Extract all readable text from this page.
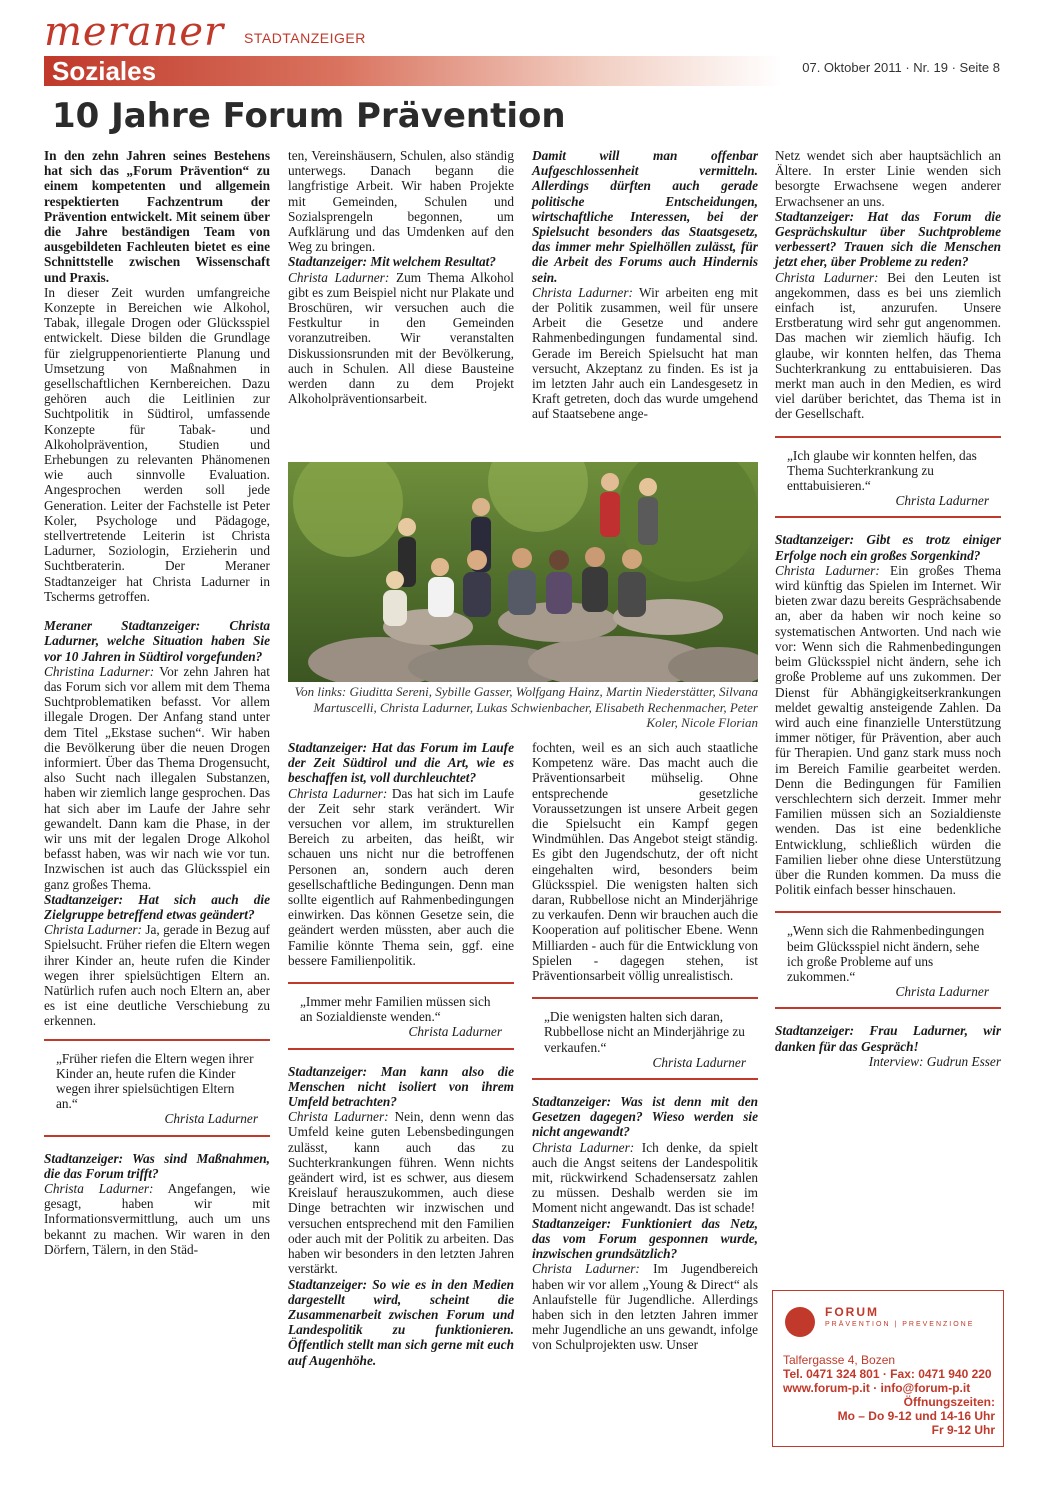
meraner STADTANZEIGER
Soziales	07. Oktober 2011 · Nr. 19 · Seite 8
10 Jahre Forum Prävention

In den zehn Jahren seines Bestehens hat sich das „Forum Prävention“ zu einem kompetenten und allgemein respektierten Fachzentrum der Prävention entwickelt. Mit seinem über die Jahre beständigen Team von ausgebildeten Fachleuten bietet es eine Schnittstelle zwischen Wissenschaft und Praxis.

In dieser Zeit wurden umfangreiche Konzepte in Bereichen wie Alkohol, Tabak, illegale Drogen oder Glücksspiel entwickelt. Diese bilden die Grundlage für zielgruppenorientierte Planung und Umsetzung von Maßnahmen in gesellschaftlichen Kernbereichen. Dazu gehören auch die Leitlinien zur Suchtpolitik in Südtirol, umfassende Konzepte für Tabak- und Alkoholprävention, Studien und Erhebungen zu relevanten Phänomenen wie auch sinnvolle Evaluation. Angesprochen werden soll jede Generation. Leiter der Fachstelle ist Peter Koler, Psychologe und Pädagoge, stellvertretende Leiterin ist Christa Ladurner, Soziologin, Erzieherin und Suchtberaterin. Der Meraner Stadtanzeiger hat Christa Ladurner in Tscherms getroffen.

Meraner Stadtanzeiger: Christa Ladurner, welche Situation haben Sie vor 10 Jahren in Südtirol vorgefunden?

Christina Ladurner: Vor zehn Jahren hat das Forum sich vor allem mit dem Thema Suchtproblematiken befasst. Vor allem illegale Drogen. Der Anfang stand unter dem Titel „Ekstase suchen“. Wir haben die Bevölkerung über die neuen Drogen informiert. Über das Thema Drogensucht, also Sucht nach illegalen Substanzen, haben wir ziemlich lange gesprochen. Das hat sich aber im Laufe der Jahre sehr gewandelt. Dann kam die Phase, in der wir uns mit der legalen Droge Alkohol befasst haben, was wir nach wie vor tun. Inzwischen ist auch das Glücksspiel ein ganz großes Thema.

Stadtanzeiger: Hat sich auch die Zielgruppe betreffend etwas geändert?

Christa Ladurner: Ja, gerade in Bezug auf Spielsucht. Früher riefen die Eltern wegen ihrer Kinder an, heute rufen die Kinder wegen ihrer spielsüchtigen Eltern an. Natürlich rufen auch noch Eltern an, aber es ist eine deutliche Verschiebung zu erkennen.

„Früher riefen die Eltern wegen ihrer Kinder an, heute rufen die Kinder wegen ihrer spielsüchtigen Eltern an.“
Christa Ladurner

Stadtanzeiger: Was sind Maßnahmen, die das Forum trifft?

Christa Ladurner: Angefangen, wie gesagt, haben wir mit Informationsvermittlung, auch um uns bekannt zu machen. Wir waren in den Dörfern, Tälern, in den Städ-

ten, Vereinshäusern, Schulen, also ständig unterwegs. Danach begann die langfristige Arbeit. Wir haben Projekte mit Gemeinden, Schulen und Sozialsprengeln begonnen, um Aufklärung und das Umdenken auf den Weg zu bringen.

Stadtanzeiger: Mit welchem Resultat?

Christa Ladurner: Zum Thema Alkohol gibt es zum Beispiel nicht nur Plakate und Broschüren, wir versuchen auch die Festkultur in den Gemeinden voranzutreiben. Wir veranstalten Diskussionsrunden mit der Bevölkerung, auch in Schulen. All diese Bausteine werden dann zu dem Projekt Alkoholpräventionsarbeit.

Damit will man offenbar Aufgeschlossenheit vermitteln. Allerdings dürften auch gerade politische Entscheidungen, wirtschaftliche Interessen, bei der Spielsucht besonders das Staatsgesetz, das immer mehr Spielhöllen zulässt, für die Arbeit des Forums auch Hindernis sein.

Christa Ladurner: Wir arbeiten eng mit der Politik zusammen, weil für unsere Arbeit die Gesetze und andere Rahmenbedingungen fundamental sind. Gerade im Bereich Spielsucht hat man versucht, Akzeptanz zu finden. Es ist ja im letzten Jahr auch ein Landesgesetz in Kraft getreten, doch das wurde umgehend auf Staatsebene ange-

Von links: Giuditta Sereni, Sybille Gasser, Wolfgang Hainz, Martin Niederstätter, Silvana Martuscelli, Christa Ladurner, Lukas Schwienbacher, Elisabeth Rechenmacher, Peter Koler, Nicole Florian

Stadtanzeiger: Hat das Forum im Laufe der Zeit Südtirol und die Art, wie es beschaffen ist, voll durchleuchtet?

Christa Ladurner: Das hat sich im Laufe der Zeit sehr stark verändert. Wir versuchen vor allem, im strukturellen Bereich zu arbeiten, das heißt, wir schauen uns nicht nur die betroffenen Personen an, sondern auch deren gesellschaftliche Bedingungen. Denn man sollte eigentlich auf Rahmenbedingungen einwirken. Das können Gesetze sein, die geändert werden müssten, aber auch die Familie könnte Thema sein, ggf. eine bessere Familienpolitik.

„Immer mehr Familien müssen sich an Sozialdienste wenden.“
Christa Ladurner

Stadtanzeiger: Man kann also die Menschen nicht isoliert von ihrem Umfeld betrachten?

Christa Ladurner: Nein, denn wenn das Umfeld keine guten Lebensbedingungen zulässt, kann auch das zu Suchterkrankungen führen. Wenn nichts geändert wird, ist es schwer, aus diesem Kreislauf herauszukommen, auch diese Dinge betrachten wir inzwischen und versuchen entsprechend mit den Familien oder auch mit der Politik zu arbeiten. Das haben wir besonders in den letzten Jahren verstärkt.

Stadtanzeiger: So wie es in den Medien dargestellt wird, scheint die Zusammenarbeit zwischen Forum und Landespolitik zu funktionieren. Öffentlich stellt man sich gerne mit euch auf Augenhöhe.

fochten, weil es an sich auch staatliche Kompetenz wäre. Das macht auch die Präventionsarbeit mühselig. Ohne entsprechende gesetzliche Voraussetzungen ist unsere Arbeit gegen die Spielsucht ein Kampf gegen Windmühlen. Das Angebot steigt ständig. Es gibt den Jugendschutz, der oft nicht eingehalten wird, besonders beim Glücksspiel. Die wenigsten halten sich daran, Rubbellose nicht an Minderjährige zu verkaufen. Denn wir brauchen auch die Kooperation auf politischer Ebene. Wenn Milliarden - auch für die Entwicklung von Spielen - dagegen stehen, ist Präventionsarbeit völlig unrealistisch.

„Die wenigsten halten sich daran, Rubbellose nicht an Minderjährige zu verkaufen.“
Christa Ladurner

Stadtanzeiger: Was ist denn mit den Gesetzen dagegen? Wieso werden sie nicht angewandt?

Christa Ladurner: Ich denke, da spielt auch die Angst seitens der Landespolitik mit, rückwirkend Schadensersatz zahlen zu müssen. Deshalb werden sie im Moment nicht angewandt. Das ist schade!

Stadtanzeiger: Funktioniert das Netz, das vom Forum gesponnen wurde, inzwischen grundsätzlich?

Christa Ladurner: Im Jugendbereich haben wir vor allem „Young & Direct“ als Anlaufstelle für Jugendliche. Allerdings haben sich in den letzten Jahren immer mehr Jugendliche an uns gewandt, infolge von Schulprojekten usw. Unser

Netz wendet sich aber hauptsächlich an Ältere. In erster Linie wenden sich besorgte Erwachsene wegen anderer Erwachsener an uns.

Stadtanzeiger: Hat das Forum die Gesprächskultur über Suchtprobleme verbessert? Trauen sich die Menschen jetzt eher, über Probleme zu reden?

Christa Ladurner: Bei den Leuten ist angekommen, dass es bei uns ziemlich einfach ist, anzurufen. Unsere Erstberatung wird sehr gut angenommen. Das machen wir ziemlich häufig. Ich glaube, wir konnten helfen, das Thema Suchterkrankung zu enttabuisieren. Das merkt man auch in den Medien, es wird viel darüber berichtet, das Thema ist in der Gesellschaft.

„Ich glaube wir konnten helfen, das Thema Suchterkrankung zu enttabuisieren.“
Christa Ladurner

Stadtanzeiger: Gibt es trotz einiger Erfolge noch ein großes Sorgenkind?

Christa Ladurner: Ein großes Thema wird künftig das Spielen im Internet. Wir bieten zwar dazu bereits Gesprächsabende an, aber da haben wir noch keine so systematischen Antworten. Und nach wie vor: Wenn sich die Rahmenbedingungen beim Glücksspiel nicht ändern, sehe ich große Probleme auf uns zukommen. Der Dienst für Abhängigkeitserkrankungen meldet gewaltig ansteigende Zahlen. Da wird auch eine finanzielle Unterstützung immer nötiger, für Prävention, aber auch für Therapien. Und ganz stark muss noch im Bereich Familie gearbeitet werden. Denn die Bedingungen für Familien verschlechtern sich derzeit. Immer mehr Familien müssen sich an Sozialdienste wenden. Das ist eine bedenkliche Entwicklung, schließlich würden die Familien lieber ohne diese Unterstützung über die Runden kommen. Da muss die Politik einfach besser hinschauen.

„Wenn sich die Rahmenbedingungen beim Glücksspiel nicht ändern, sehe ich große Probleme auf uns zukommen.“
Christa Ladurner

Stadtanzeiger: Frau Ladurner, wir danken für das Gespräch!

Interview: Gudrun Esser

FORUM
PRÄVENTION | PREVENZIONE
Talfergasse 4, Bozen
Tel. 0471 324 801 · Fax: 0471 940 220
www.forum-p.it · info@forum-p.it
Öffnungszeiten:
Mo – Do 9-12 und 14-16 Uhr
Fr 9-12 Uhr
